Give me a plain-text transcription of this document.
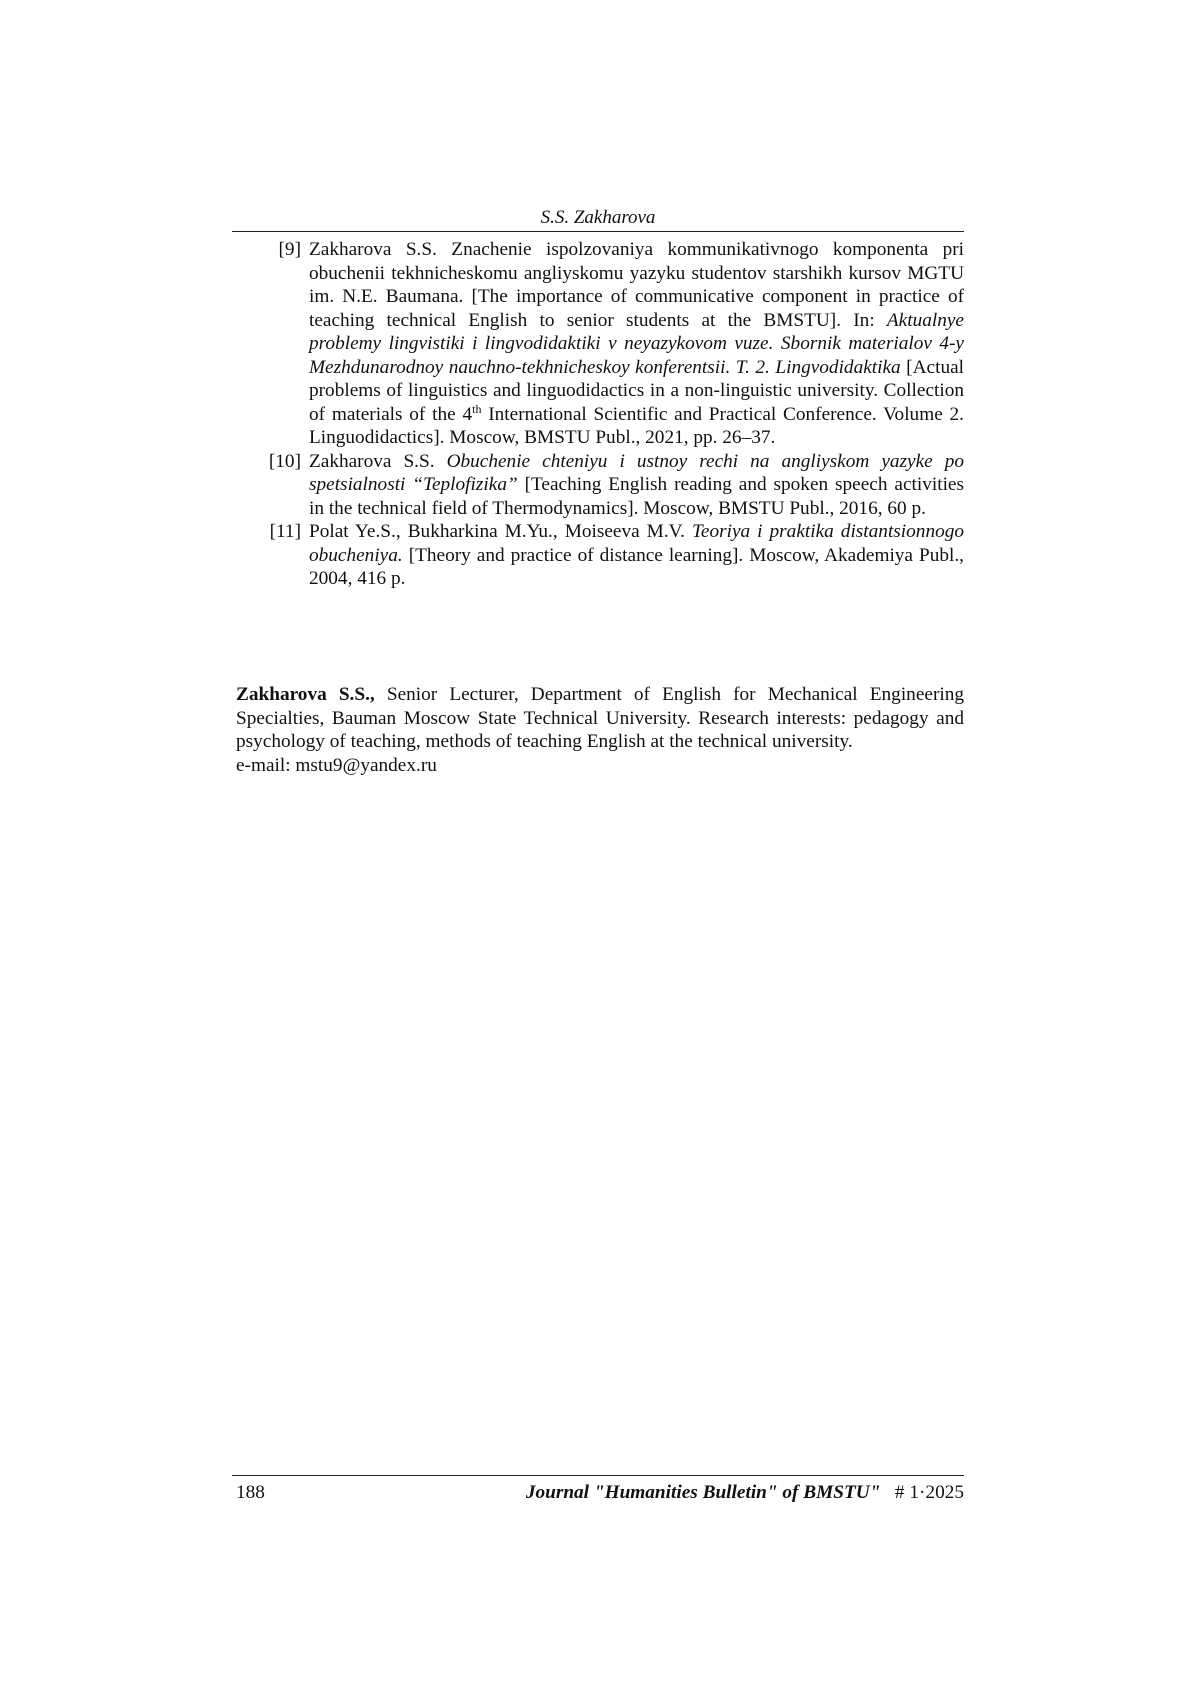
S.S. Zakharova
[9] Zakharova S.S. Znachenie ispolzovaniya kommunikativnogo komponenta pri obuchenii tekhnicheskomu angliyskomu yazyku studentov starshikh kursov MGTU im. N.E. Baumana. [The importance of communicative component in practice of teaching technical English to senior students at the BMSTU]. In: Aktualnye problemy lingvistiki i lingvodidaktiki v neyazykovom vuze. Sbornik materialov 4-y Mezhdunarodnoy nauchno-tekhnicheskoy konferentsii. T. 2. Lingvodidaktika [Actual problems of linguistics and linguodidactics in a non-linguistic university. Collection of materials of the 4th International Scientific and Practical Conference. Volume 2. Linguodidactics]. Moscow, BMSTU Publ., 2021, pp. 26–37.
[10] Zakharova S.S. Obuchenie chteniyu i ustnoy rechi na angliyskom yazyke po spetsialnosti “Teplofizika” [Teaching English reading and spoken speech activities in the technical field of Thermodynamics]. Moscow, BMSTU Publ., 2016, 60 p.
[11] Polat Ye.S., Bukharkina M.Yu., Moiseeva M.V. Teoriya i praktika distantsionnogo obucheniya. [Theory and practice of distance learning]. Moscow, Akademiya Publ., 2004, 416 p.
Zakharova S.S., Senior Lecturer, Department of English for Mechanical Engineering Specialties, Bauman Moscow State Technical University. Research interests: pedagogy and psychology of teaching, methods of teaching English at the technical university.
e-mail: mstu9@yandex.ru
188	Journal "Humanities Bulletin" of BMSTU" # 1·2025
